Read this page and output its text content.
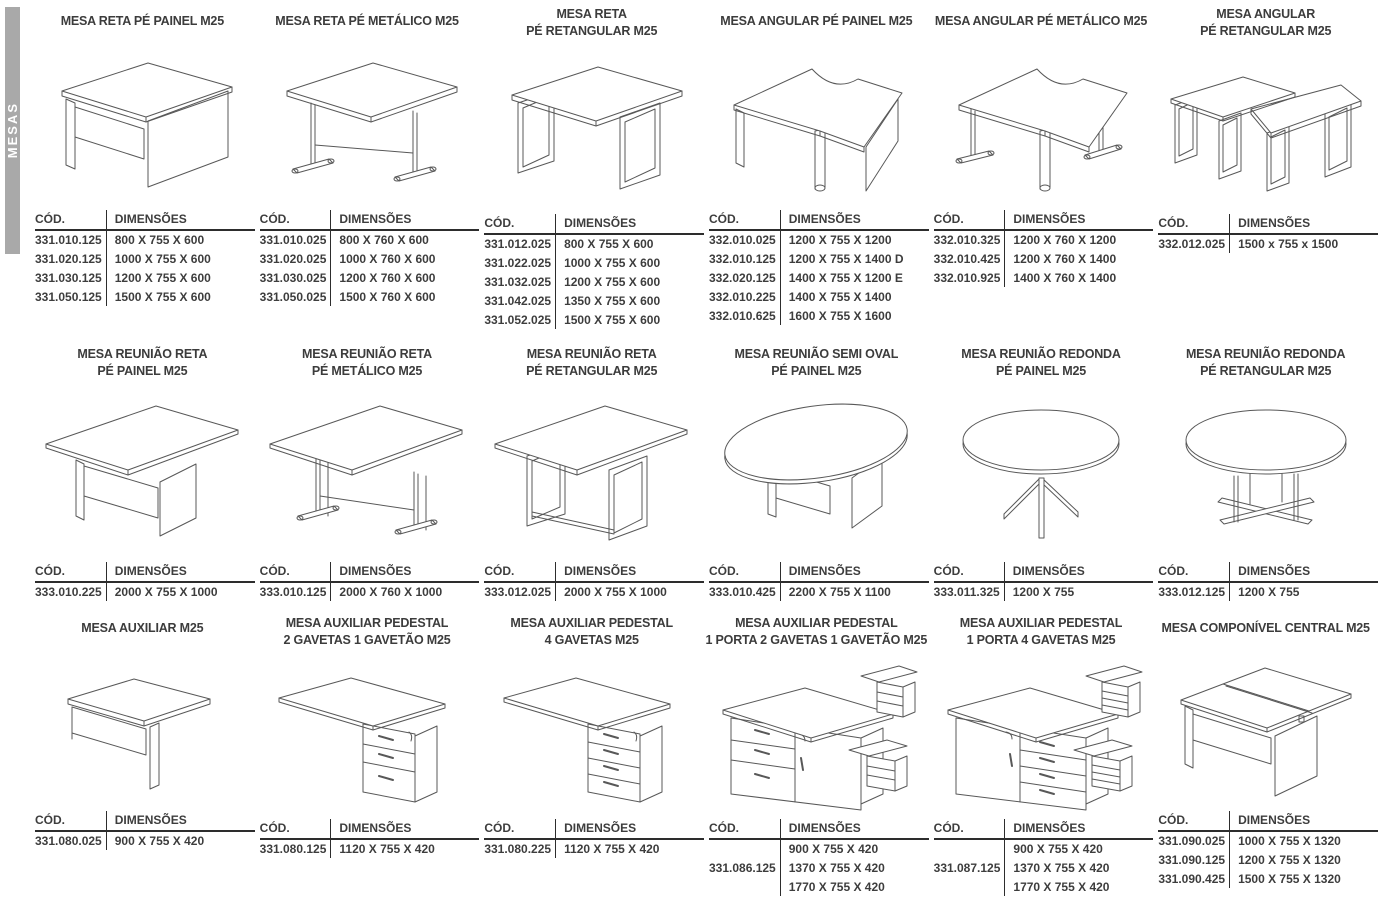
MESAS
MESA RETA PÉ PAINEL M25
CÓD.	DIMENSÕES
331.010.125	800 X 755 X 600
331.020.125	1000 X 755 X 600
331.030.125	1200 X 755 X 600
331.050.125	1500 X 755 X 600
MESA RETA PÉ METÁLICO M25
CÓD.	DIMENSÕES
331.010.025	800 X 760 X 600
331.020.025	1000 X 760 X 600
331.030.025	1200 X 760 X 600
331.050.025	1500 X 760 X 600
MESA RETA
PÉ RETANGULAR M25
CÓD.	DIMENSÕES
331.012.025	800 X 755 X 600
331.022.025	1000 X 755 X 600
331.032.025	1200 X 755 X 600
331.042.025	1350 X 755 X 600
331.052.025	1500 X 755 X 600
MESA ANGULAR PÉ PAINEL M25
CÓD.	DIMENSÕES
332.010.025	1200 X 755 X 1200
332.010.125	1200 X 755 X 1400 D
332.020.125	1400 X 755 X 1200 E
332.010.225	1400 X 755 X 1400
332.010.625	1600 X 755 X 1600
MESA ANGULAR PÉ METÁLICO M25
CÓD.	DIMENSÕES
332.010.325	1200 X 760 X 1200
332.010.425	1200 X 760 X 1400
332.010.925	1400 X 760 X 1400
MESA ANGULAR
PÉ RETANGULAR M25
CÓD.	DIMENSÕES
332.012.025	1500 x 755 x 1500
MESA REUNIÃO RETA
PÉ PAINEL M25
CÓD.	DIMENSÕES
333.010.225	2000 X 755 X 1000
MESA REUNIÃO RETA
PÉ METÁLICO M25
CÓD.	DIMENSÕES
333.010.125	2000 X 760 X 1000
MESA REUNIÃO RETA
PÉ RETANGULAR M25
CÓD.	DIMENSÕES
333.012.025	2000 X 755 X 1000
MESA REUNIÃO SEMI OVAL
PÉ PAINEL M25
CÓD.	DIMENSÕES
333.010.425	2200 X 755 X 1100
MESA REUNIÃO REDONDA
PÉ PAINEL M25
CÓD.	DIMENSÕES
333.011.325	1200 X 755
MESA REUNIÃO REDONDA
PÉ RETANGULAR M25
CÓD.	DIMENSÕES
333.012.125	1200 X 755
MESA AUXILIAR M25
CÓD.	DIMENSÕES
331.080.025	900 X 755 X 420
MESA AUXILIAR PEDESTAL
2 GAVETAS 1 GAVETÃO M25
CÓD.	DIMENSÕES
331.080.125	1120 X 755 X 420
MESA AUXILIAR PEDESTAL
4 GAVETAS M25
CÓD.	DIMENSÕES
331.080.225	1120 X 755 X 420
MESA AUXILIAR PEDESTAL
1 PORTA 2 GAVETAS 1 GAVETÃO M25
CÓD.	DIMENSÕES
	900 X 755 X 420
331.086.125	1370 X 755 X 420
	1770 X 755 X 420
MESA AUXILIAR PEDESTAL
1 PORTA 4 GAVETAS M25
CÓD.	DIMENSÕES
	900 X 755 X 420
331.087.125	1370 X 755 X 420
	1770 X 755 X 420
MESA COMPONÍVEL CENTRAL M25
CÓD.	DIMENSÕES
331.090.025	1000 X 755 X 1320
331.090.125	1200 X 755 X 1320
331.090.425	1500 X 755 X 1320
